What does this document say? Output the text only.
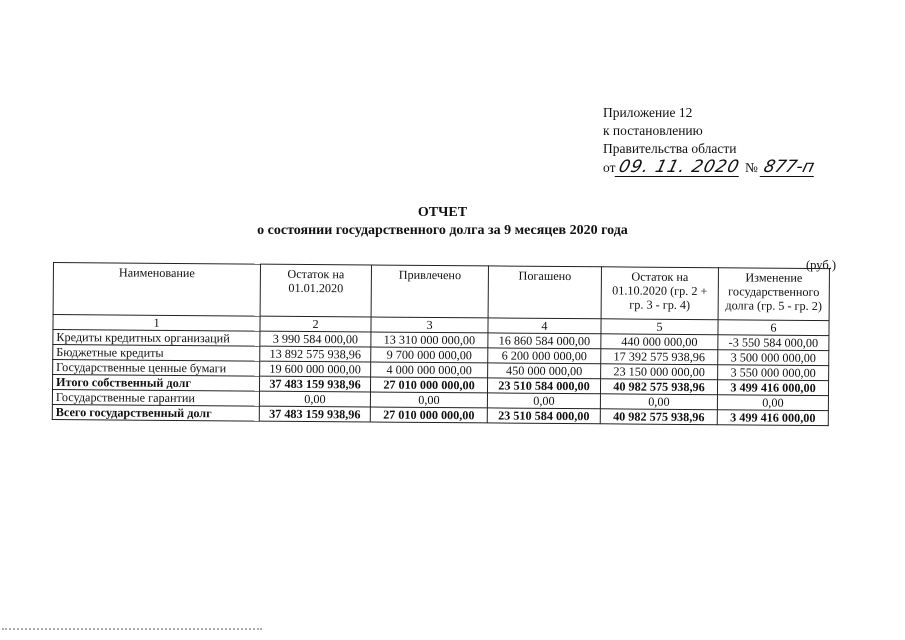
Приложение 12
к постановлению
Правительства области
от09. 11. 2020 № 877-п
ОТЧЕТ
о состоянии государственного долга за 9 месяцев 2020 года
(руб.)
Наименование	Остаток на 01.01.2020	Привлечено	Погашено	Остаток на 01.10.2020 (гр. 2 + гр. 3 - гр. 4)	Изменение государственного долга (гр. 5 - гр. 2)
1	2	3	4	5	6
Кредиты кредитных организаций	3 990 584 000,00	13 310 000 000,00	16 860 584 000,00	440 000 000,00	-3 550 584 000,00
Бюджетные кредиты	13 892 575 938,96	9 700 000 000,00	6 200 000 000,00	17 392 575 938,96	3 500 000 000,00
Государственные ценные бумаги	19 600 000 000,00	4 000 000 000,00	450 000 000,00	23 150 000 000,00	3 550 000 000,00
Итого собственный долг	37 483 159 938,96	27 010 000 000,00	23 510 584 000,00	40 982 575 938,96	3 499 416 000,00
Государственные гарантии	0,00	0,00	0,00	0,00	0,00
Всего государственный долг	37 483 159 938,96	27 010 000 000,00	23 510 584 000,00	40 982 575 938,96	3 499 416 000,00
